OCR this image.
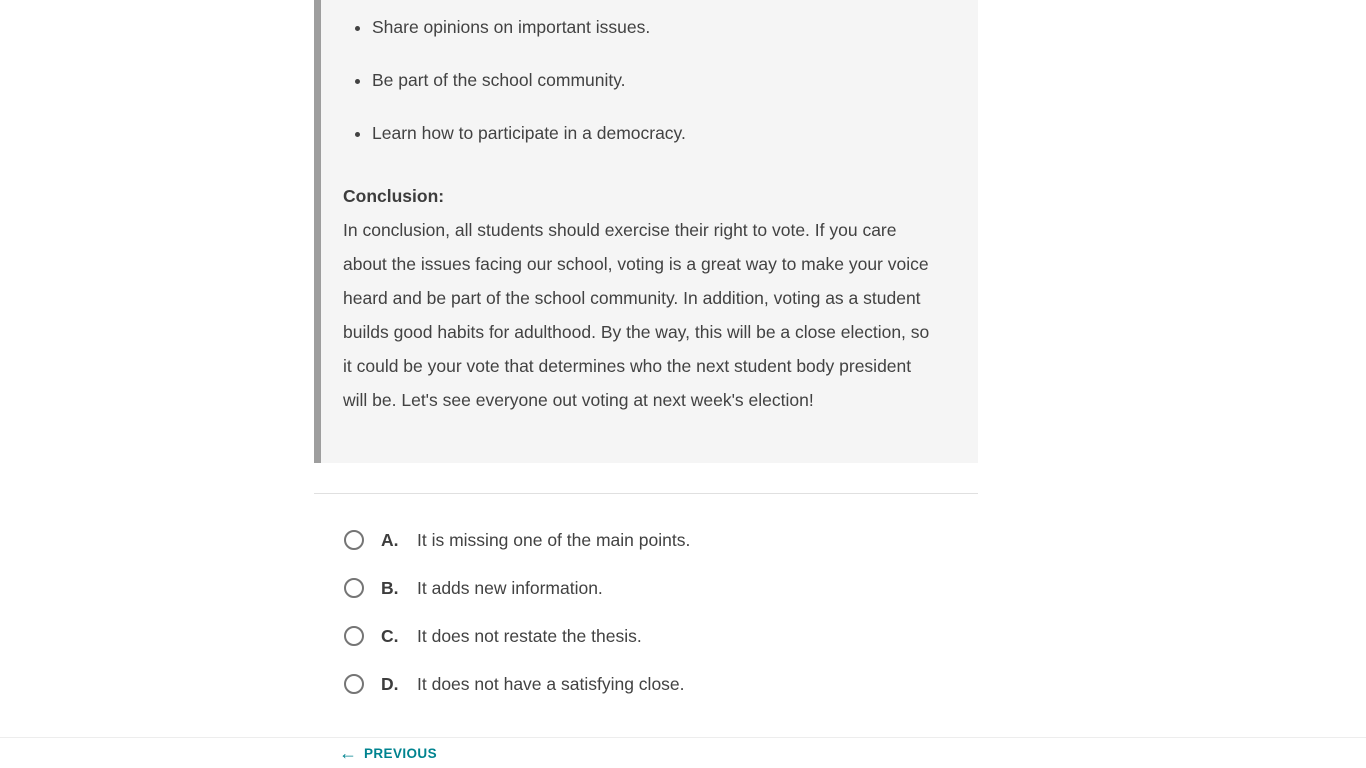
• Share opinions on important issues.
• Be part of the school community.
• Learn how to participate in a democracy.

Conclusion:

In conclusion, all students should exercise their right to vote. If you care about the issues facing our school, voting is a great way to make your voice heard and be part of the school community. In addition, voting as a student builds good habits for adulthood. By the way, this will be a close election, so it could be your vote that determines who the next student body president will be. Let's see everyone out voting at next week's election!

A.	It is missing one of the main points.
B.	It adds new information.
C.	It does not restate the thesis.
D.	It does not have a satisfying close.
← PREVIOUS
